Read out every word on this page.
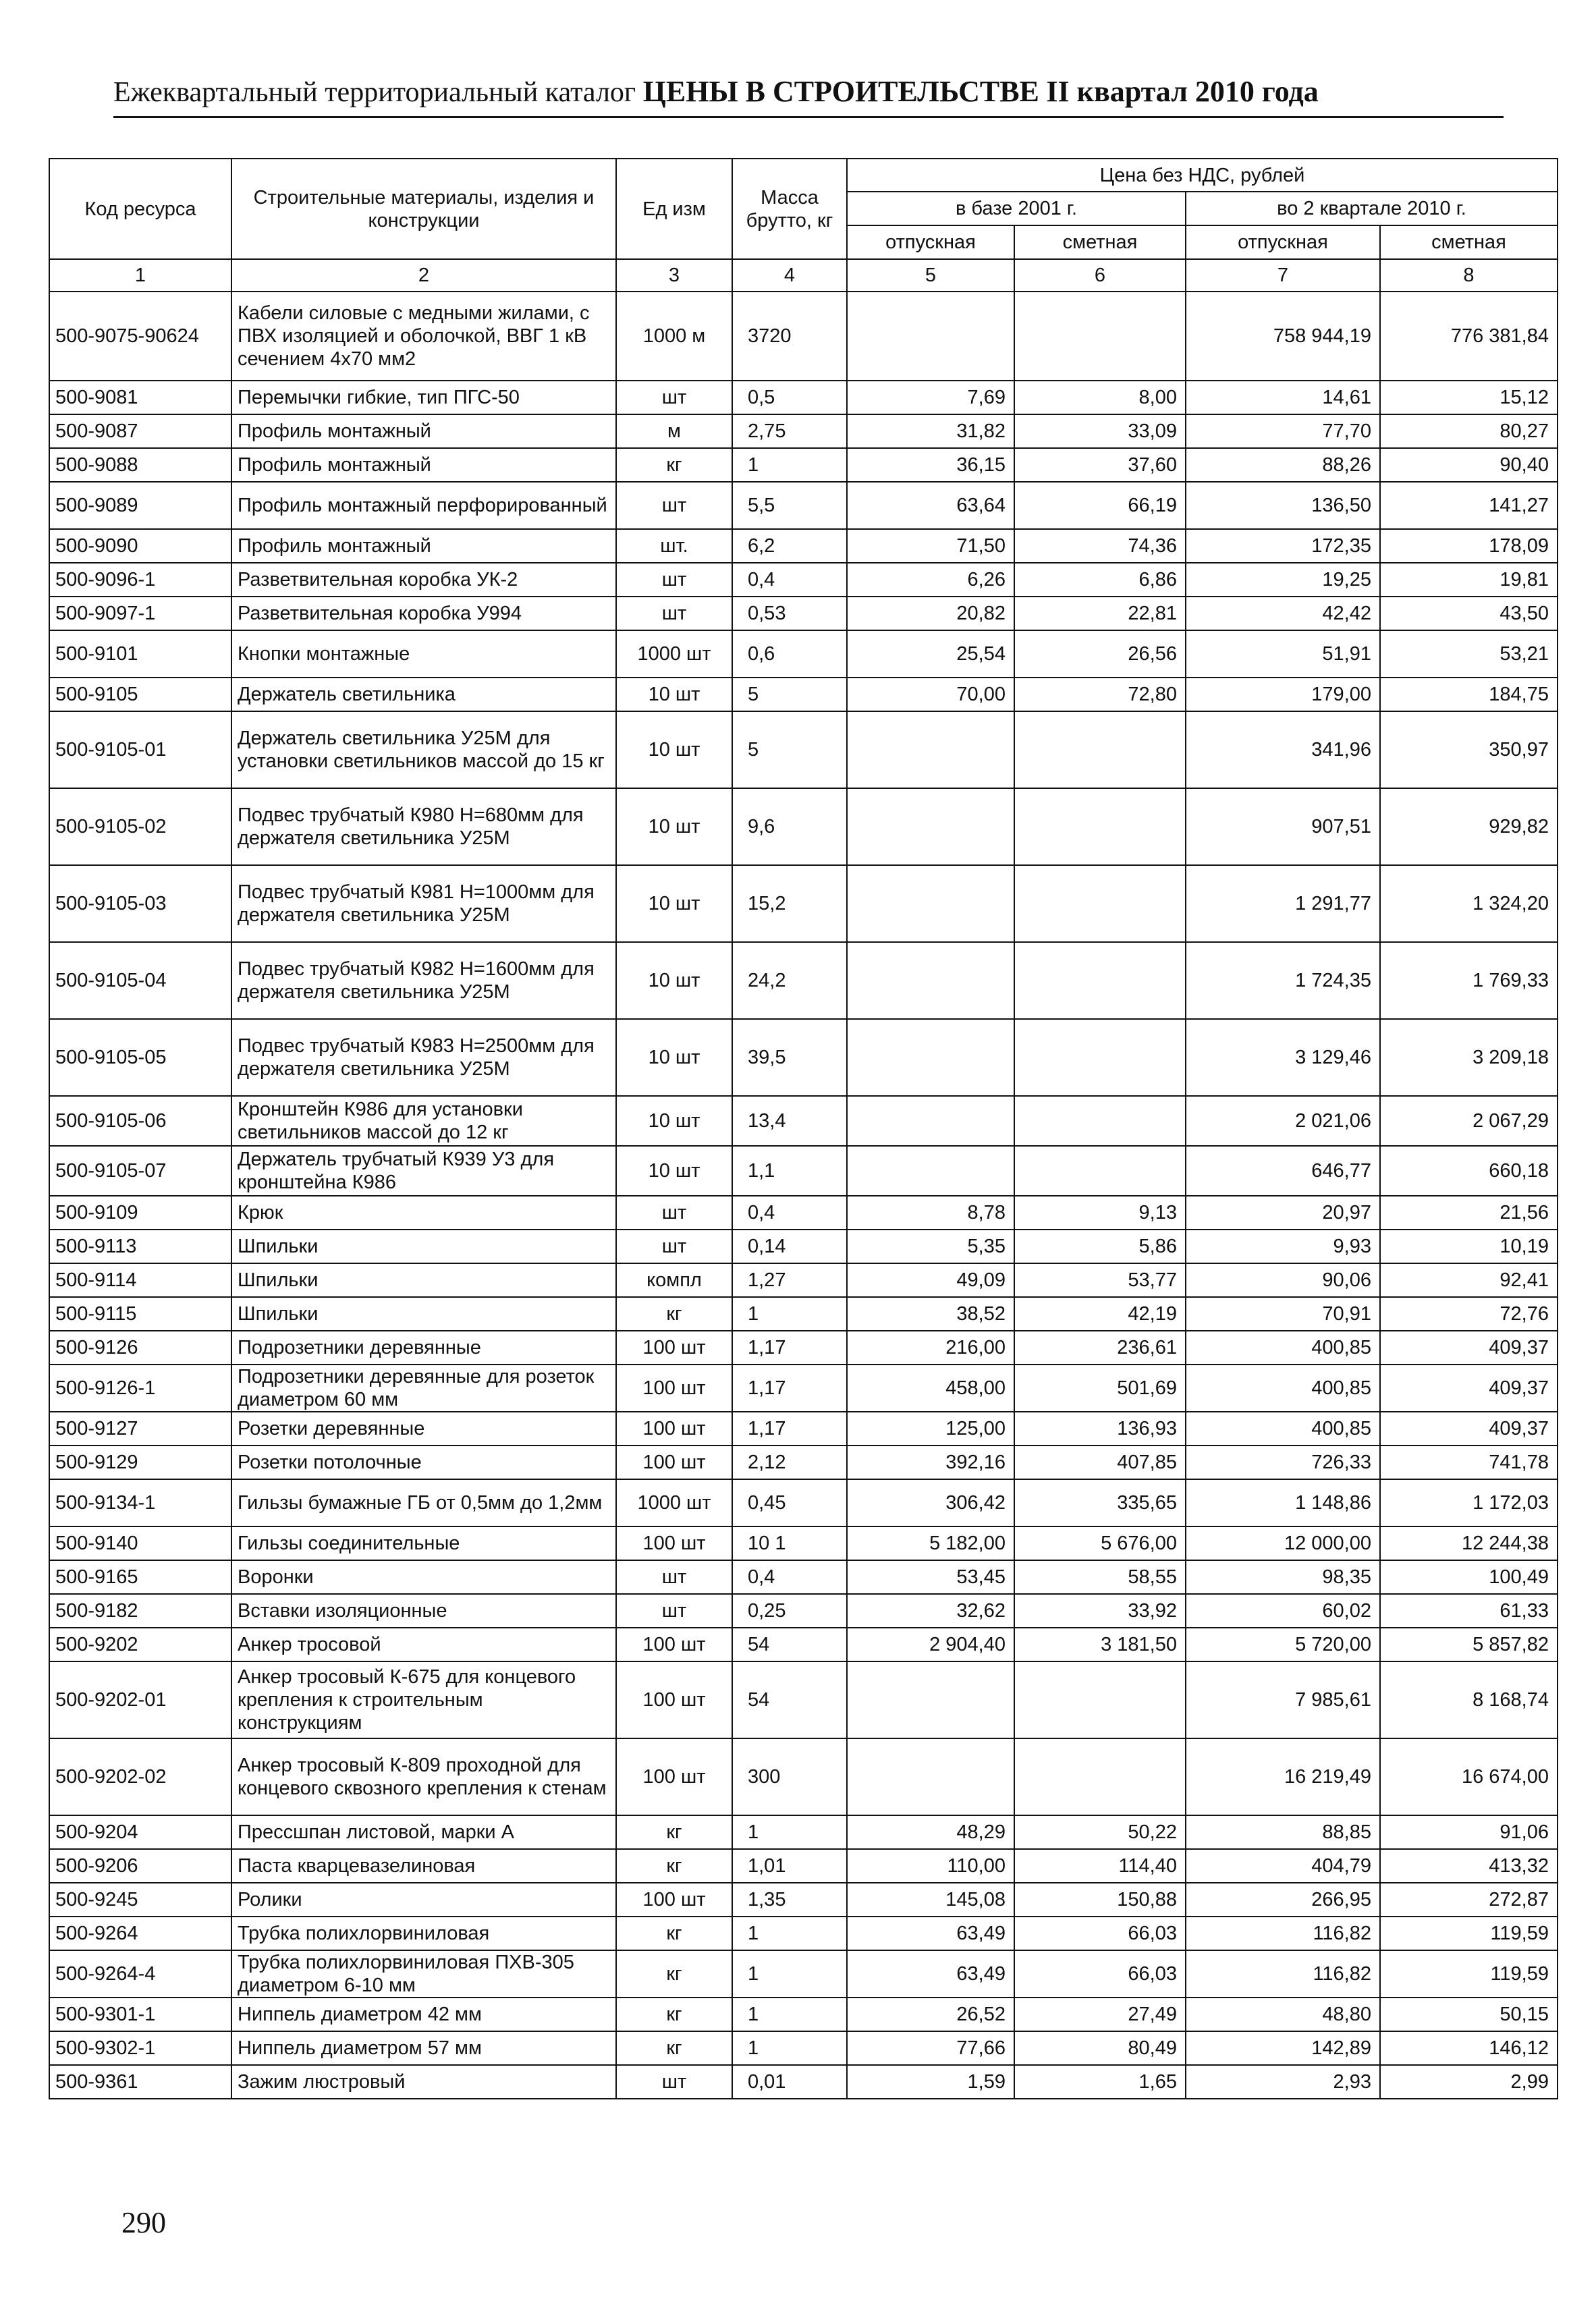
Ежеквартальный территориальный каталог ЦЕНЫ В СТРОИТЕЛЬСТВЕ II квартал 2010 года
Код ресурса	Строительные материалы, изделия и конструкции	Ед изм	Масса брутто, кг	Цена без НДС, рублей			
				в базе 2001 г.		во 2 квартале 2010 г.	
				отпускная	сметная	отпускная	сметная
1	2	3	4	5	6	7	8
500-9075-90624	Кабели силовые с медными жилами, с ПВХ изоляцией и оболочкой, ВВГ 1 кВ сечением 4х70 мм2	1000 м	3720			758 944,19	776 381,84
500-9081	Перемычки гибкие, тип ПГС-50	шт	0,5	7,69	8,00	14,61	15,12
500-9087	Профиль монтажный	м	2,75	31,82	33,09	77,70	80,27
500-9088	Профиль монтажный	кг	1	36,15	37,60	88,26	90,40
500-9089	Профиль монтажный перфорированный	шт	5,5	63,64	66,19	136,50	141,27
500-9090	Профиль монтажный	шт.	6,2	71,50	74,36	172,35	178,09
500-9096-1	Разветвительная коробка УК-2	шт	0,4	6,26	6,86	19,25	19,81
500-9097-1	Разветвительная коробка У994	шт	0,53	20,82	22,81	42,42	43,50
500-9101	Кнопки монтажные	1000 шт	0,6	25,54	26,56	51,91	53,21
500-9105	Держатель светильника	10 шт	5	70,00	72,80	179,00	184,75
500-9105-01	Держатель светильника У25М для установки светильников массой до 15 кг	10 шт	5			341,96	350,97
500-9105-02	Подвес трубчатый К980 Н=680мм для держателя светильника У25М	10 шт	9,6			907,51	929,82
500-9105-03	Подвес трубчатый К981 Н=1000мм для держателя светильника У25М	10 шт	15,2			1 291,77	1 324,20
500-9105-04	Подвес трубчатый К982 Н=1600мм для держателя светильника У25М	10 шт	24,2			1 724,35	1 769,33
500-9105-05	Подвес трубчатый К983 Н=2500мм для держателя светильника У25М	10 шт	39,5			3 129,46	3 209,18
500-9105-06	Кронштейн К986 для установки светильников массой до 12 кг	10 шт	13,4			2 021,06	2 067,29
500-9105-07	Держатель трубчатый К939 У3 для кронштейна К986	10 шт	1,1			646,77	660,18
500-9109	Крюк	шт	0,4	8,78	9,13	20,97	21,56
500-9113	Шпильки	шт	0,14	5,35	5,86	9,93	10,19
500-9114	Шпильки	компл	1,27	49,09	53,77	90,06	92,41
500-9115	Шпильки	кг	1	38,52	42,19	70,91	72,76
500-9126	Подрозетники деревянные	100 шт	1,17	216,00	236,61	400,85	409,37
500-9126-1	Подрозетники деревянные для розеток диаметром 60 мм	100 шт	1,17	458,00	501,69	400,85	409,37
500-9127	Розетки деревянные	100 шт	1,17	125,00	136,93	400,85	409,37
500-9129	Розетки потолочные	100 шт	2,12	392,16	407,85	726,33	741,78
500-9134-1	Гильзы бумажные ГБ от 0,5мм до 1,2мм	1000 шт	0,45	306,42	335,65	1 148,86	1 172,03
500-9140	Гильзы соединительные	100 шт	10 1	5 182,00	5 676,00	12 000,00	12 244,38
500-9165	Воронки	шт	0,4	53,45	58,55	98,35	100,49
500-9182	Вставки изоляционные	шт	0,25	32,62	33,92	60,02	61,33
500-9202	Анкер тросовой	100 шт	54	2 904,40	3 181,50	5 720,00	5 857,82
500-9202-01	Анкер тросовый К-675 для концевого крепления к строительным конструкциям	100 шт	54			7 985,61	8 168,74
500-9202-02	Анкер тросовый К-809 проходной для концевого сквозного крепления к стенам	100 шт	300			16 219,49	16 674,00
500-9204	Прессшпан листовой, марки А	кг	1	48,29	50,22	88,85	91,06
500-9206	Паста кварцевазелиновая	кг	1,01	110,00	114,40	404,79	413,32
500-9245	Ролики	100 шт	1,35	145,08	150,88	266,95	272,87
500-9264	Трубка полихлорвиниловая	кг	1	63,49	66,03	116,82	119,59
500-9264-4	Трубка полихлорвиниловая ПХВ-305 диаметром 6-10 мм	кг	1	63,49	66,03	116,82	119,59
500-9301-1	Ниппель диаметром 42 мм	кг	1	26,52	27,49	48,80	50,15
500-9302-1	Ниппель диаметром 57 мм	кг	1	77,66	80,49	142,89	146,12
500-9361	Зажим люстровый	шт	0,01	1,59	1,65	2,93	2,99
290
